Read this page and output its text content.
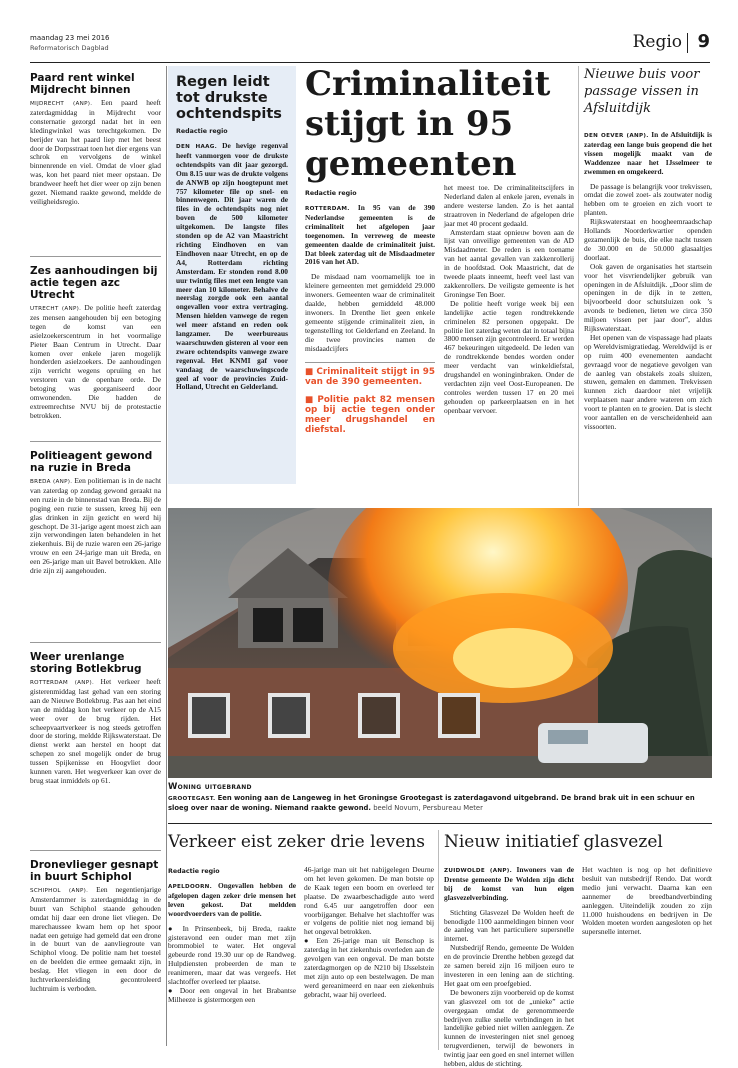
maandag 23 mei 2016
Reformatorisch Dagblad	Regio 9
Paard rent winkel Mijdrecht binnen
MIJDRECHT (ANP). Een paard heeft zaterdagmiddag in Mijdrecht voor consternatie gezorgd nadat het in een kledingwinkel was terechtgekomen. De berijder van het paard liep met het beest door de Dorpsstraat toen het dier ergens van schrok en vervolgens de winkel binnenrende en viel. Omdat de vloer glad was, kon het paard niet meer opstaan. De brandweer heeft het dier weer op zijn benen gezet. Niemand raakte gewond, meldde de veiligheidsregio.
Zes aanhoudingen bij actie tegen azc Utrecht
UTRECHT (ANP). De politie heeft zaterdag zes mensen aangehouden bij een betoging tegen de komst van een asielzoekerscentrum in het voormalige Pieter Baan Centrum in Utrecht. Daar komen over enkele jaren mogelijk honderden asielzoekers. De aanhoudingen zijn verricht wegens opruiing en het verstoren van de openbare orde. De betoging was georganiseerd door omwonenden. Die hadden de extreemrechtse NVU bij de protestactie betrokken.
Politieagent gewond na ruzie in Breda
BREDA (ANP). Een politieman is in de nacht van zaterdag op zondag gewond geraakt na een ruzie in de binnenstad van Breda. Bij de poging een ruzie te sussen, kreeg hij een glas drinken in zijn gezicht en werd hij geschopt. De 31-jarige agent moest zich aan zijn verwondingen laten behandelen in het ziekenhuis. Bij de ruzie waren een 26-jarige vrouw en een 24-jarige man uit Breda, en een 26-jarige man uit Bavel betrokken. Alle drie zijn zij aangehouden.
Weer urenlange storing Botlekbrug
ROTTERDAM (ANP). Het verkeer heeft gisterenmiddag last gehad van een storing aan de Nieuwe Botlekbrug. Pas aan het eind van de middag kon het verkeer op de A15 weer over de brug rijden. Het scheepvaartverkeer is nog steeds getroffen door de storing, meldde Rijkswaterstaat. De dienst werkt aan herstel en hoopt dat schepen zo snel mogelijk onder de brug tussen Spijkenisse en Hoogvliet door kunnen varen. Het wegverkeer kan over de brug staat inmiddels op 61.
Dronevlieger gesnapt in buurt Schiphol
SCHIPHOL (ANP). Een negentienjarige Amsterdammer is zaterdagmiddag in de buurt van Schiphol staande gehouden omdat hij daar een drone liet vliegen. De marechaussee kwam hem op het spoor nadat een getuige had gemeld dat een drone in de buurt van de aanvliegroute van Schiphol vloog. De politie nam het toestel en de beelden die ermee gemaakt zijn, in beslag. Het vliegen in een door de luchtverkeersleiding gecontroleerd luchtruim is verboden.
Regen leidt tot drukste ochtendspits
Redactie regio
DEN HAAG. De hevige regenval heeft vanmorgen voor de drukste ochtendspits van dit jaar gezorgd. Om 8.15 uur was de drukte volgens de ANWB op zijn hoogtepunt met 757 kilometer file op snel- en binnenwegen. Dit jaar waren de files in de ochtendspits nog niet boven de 500 kilometer uitgekomen. De langste files stonden op de A2 van Maastricht richting Eindhoven en van Eindhoven naar Utrecht, en op de A4, Rotterdam richting Amsterdam. Er stonden rond 8.00 uur twintig files met een lengte van meer dan 10 kilometer. Behalve de neerslag zorgde ook een aantal ongevallen voor extra vertraging. Mensen hielden vanwege de regen wel meer afstand en reden ook langzamer. De weerbureaus waarschuwden gisteren al voor een zware ochtendspits vanwege zware regenval. Het KNMI gaf voor vandaag de waarschuwingscode geel af voor de provincies Zuid-Holland, Utrecht en Gelderland.
Criminaliteit stijgt in 95 gemeenten
Redactie regio

ROTTERDAM. In 95 van de 390 Nederlandse gemeenten is de criminaliteit het afgelopen jaar toegenomen. In verreweg de meeste gemeenten daalde de criminaliteit juist. Dat bleek zaterdag uit de Misdaadmeter 2016 van het AD.

De misdaad nam voornamelijk toe in kleinere gemeenten met gemiddeld 29.000 inwoners. Gemeenten waar de criminaliteit daalde, hebben gemiddeld 48.000 inwoners. In Drenthe liet geen enkele gemeente stijgende criminaliteit zien, in tegenstelling tot Gelderland en Zeeland. In die twee provincies namen de misdaadcijfers

■ Criminaliteit stijgt in 95 van de 390 gemeenten.
■ Politie pakt 82 mensen op bij actie tegen onder meer drugshandel en diefstal.

het meest toe. De criminaliteitscijfers in Nederland dalen al enkele jaren, evenals in andere westerse landen. Zo is het aantal straatroven in Nederland de afgelopen drie jaar met 40 procent gedaald.

Amsterdam staat opnieuw boven aan de lijst van onveilige gemeenten van de AD Misdaadmeter. De reden is een toename van het aantal gevallen van zakkenrollerij in de hoofdstad. Ook Maastricht, dat de tweede plaats inneemt, heeft veel last van zakkenrollers. De veiligste gemeente is het Groningse Ten Boer.

De politie heeft vorige week bij een landelijke actie tegen rondtrekkende criminelen 82 personen opgepakt. De politie liet zaterdag weten dat in totaal bijna 3800 mensen zijn gecontroleerd. Er werden 467 bekeuringen uitgedeeld. De leden van de rondtrekkende bendes worden onder meer verdacht van winkeldiefstal, drugshandel en woninginbraken. Onder de verdachten zijn veel Oost-Europeanen. De controles werden tussen 17 en 20 mei gehouden op parkeerplaatsen en in het openbaar vervoer.

Nieuwe buis voor passage vissen in Afsluitdijk

DEN OEVER (ANP). In de Afsluitdijk is zaterdag een lange buis geopend die het vissen mogelijk maakt van de Waddenzee naar het IJsselmeer te zwemmen en omgekeerd.

De passage is belangrijk voor trekvissen, omdat die zowel zoet- als zoutwater nodig hebben om te groeien en zich voort te planten.

Rijkswaterstaat en hoogheemraadschap Hollands Noorderkwartier openden gezamenlijk de buis, die elke nacht tussen de 30.000 en de 50.000 glasaaltjes doorlaat.

Ook gaven de organisaties het startsein voor het visvriendelijker gebruik van openingen in de Afsluitdijk. „Door slim de openingen in de dijk in te zetten, bijvoorbeeld door schutsluizen ook ’s avonds te bedienen, lieten we circa 350 miljoen vissen per jaar door”, aldus Rijkswaterstaat.

Het openen van de vispassage had plaats op Wereldvismigratiedag. Wereldwijd is er op ruim 400 evenementen aandacht gevraagd voor de negatieve gevolgen van de aanleg van obstakels zoals sluizen, stuwen, gemalen en dammen. Trekvissen kunnen zich daardoor niet vrijelijk verplaatsen naar andere wateren om zich voort te planten en te groeien. Dat is slecht voor aantallen en de verscheidenheid aan vissoorten.

Woning uitgebrand
GROOTEGAST. Een woning aan de Langeweg in het Groningse Grootegast is zaterdagavond uitgebrand. De brand brak uit in een schuur en sloeg over naar de woning. Niemand raakte gewond. beeld Novum, Persbureau Meter
Verkeer eist zeker drie levens
Redactie regio

APELDOORN. Ongevallen hebben de afgelopen dagen zeker drie mensen het leven gekost. Dat meldden woordvoerders van de politie.

● In Prinsenbeek, bij Breda, raakte gisteravond een ouder man met zijn brommobiel te water. Het ongeval gebeurde rond 19.30 uur op de Randweg. Hulpdiensten probeerden de man te reanimeren, maar dat was vergeefs. Het slachtoffer overleed ter plaatse.

● Door een ongeval in het Brabantse Milheeze is gistermorgen een

46-jarige man uit het nabijgelegen Deurne om het leven gekomen. De man botste op de Kaak tegen een boom en overleed ter plaatse. De zwaarbeschadigde auto werd rond 6.45 uur aangetroffen door een voorbijganger. Behalve het slachtoffer was er volgens de politie niet nog iemand bij het ongeval betrokken.

● Een 26-jarige man uit Benschop is zaterdag in het ziekenhuis overleden aan de gevolgen van een ongeval. De man botste zaterdagmorgen op de N210 bij IJsselstein met zijn auto op een bestelwagen. De man werd gereanimeerd en naar een ziekenhuis gebracht, waar hij overleed.

Nieuw initiatief glasvezel

ZUIDWOLDE (ANP). Inwoners van de Drentse gemeente De Wolden zijn dicht bij de komst van hun eigen glasvezelverbinding.

Stichting Glasvezel De Wolden heeft de benodigde 1100 aanmeldingen binnen voor de aanleg van het particuliere supersnelle internet.

Nutsbedrijf Rendo, gemeente De Wolden en de provincie Drenthe hebben gezegd dat ze samen bereid zijn 16 miljoen euro te investeren in een lening aan de stichting. Het gaat om een proefgebied.

De bewoners zijn voorbereid op de komst van glasvezel om tot de „unieke” actie overgegaan omdat de gerenommeerde bedrijven zulke snelle verbindingen in het landelijke gebied niet willen aanleggen. Ze kunnen de investeringen niet snel genoeg terugverdienen, terwijl de bewoners in twintig jaar een goed en snel internet willen hebben, aldus de stichting.

Het wachten is nog op het definitieve besluit van nutsbedrijf Rendo. Dat wordt medio juni verwacht. Daarna kan een aannemer de breedbandverbinding aanleggen. Uiteindelijk zouden zo zijn 11.000 huishoudens en bedrijven in De Wolden moeten worden aangesloten op het supersnelle internet.
